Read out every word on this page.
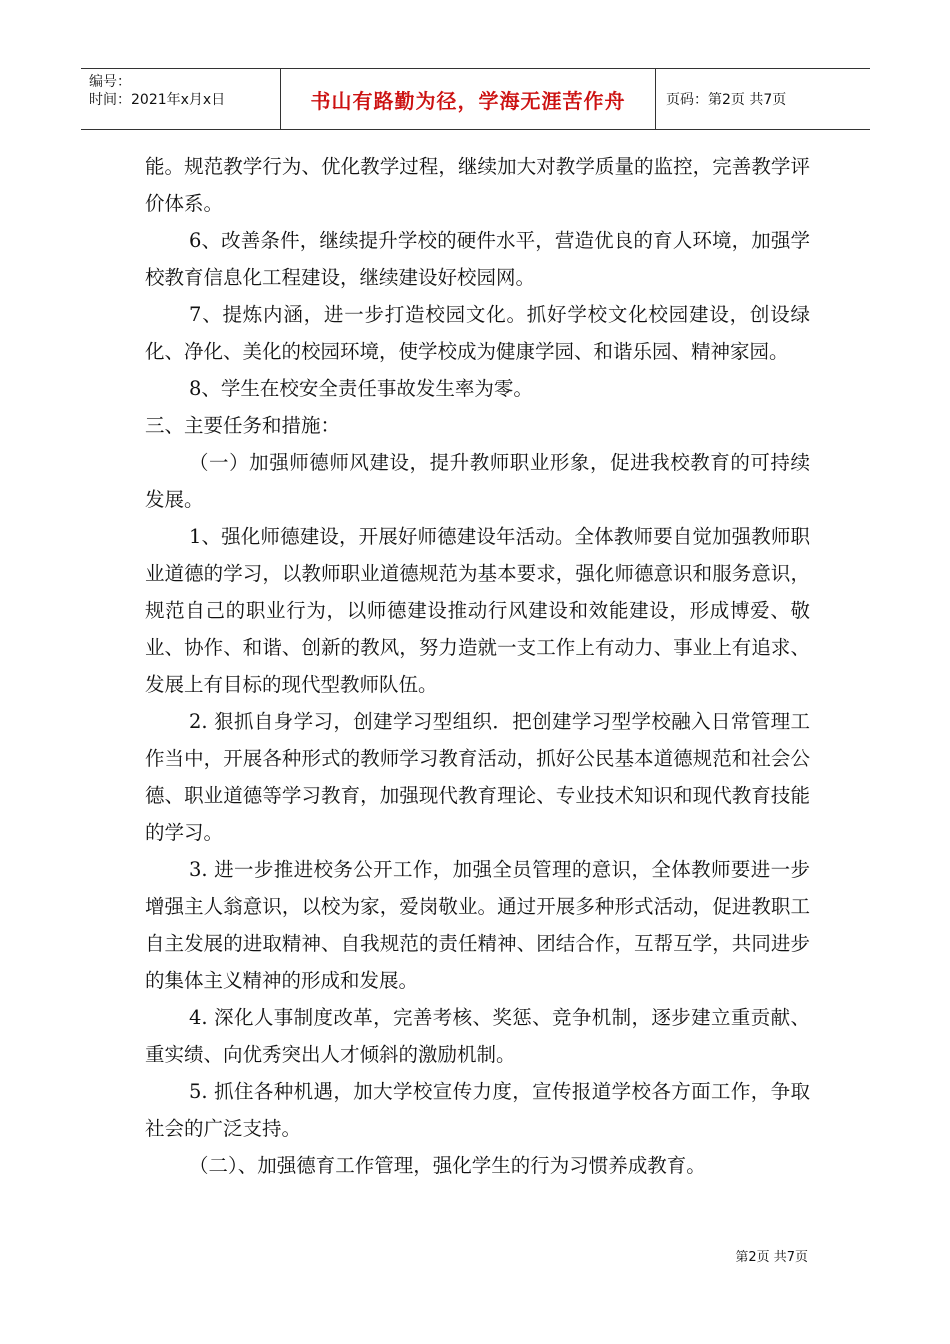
编号：
时间：2021年x月x日	书山有路勤为径，学海无涯苦作舟	页码：第2页 共7页

能。规范教学行为、优化教学过程，继续加大对教学质量的监控，完善教学评价体系。

6、改善条件，继续提升学校的硬件水平，营造优良的育人环境，加强学校教育信息化工程建设，继续建设好校园网。

7、提炼内涵，进一步打造校园文化。抓好学校文化校园建设，创设绿化、净化、美化的校园环境，使学校成为健康学园、和谐乐园、精神家园。

8、学生在校安全责任事故发生率为零。

三、主要任务和措施：

（一）加强师德师风建设，提升教师职业形象，促进我校教育的可持续发展。

1、强化师德建设，开展好师德建设年活动。全体教师要自觉加强教师职业道德的学习，以教师职业道德规范为基本要求，强化师德意识和服务意识，规范自己的职业行为，以师德建设推动行风建设和效能建设，形成博爱、敬业、协作、和谐、创新的教风，努力造就一支工作上有动力、事业上有追求、发展上有目标的现代型教师队伍。

2. 狠抓自身学习，创建学习型组织．把创建学习型学校融入日常管理工作当中，开展各种形式的教师学习教育活动，抓好公民基本道德规范和社会公德、职业道德等学习教育，加强现代教育理论、专业技术知识和现代教育技能的学习。

3. 进一步推进校务公开工作，加强全员管理的意识，全体教师要进一步增强主人翁意识，以校为家，爱岗敬业。通过开展多种形式活动，促进教职工自主发展的进取精神、自我规范的责任精神、团结合作，互帮互学，共同进步的集体主义精神的形成和发展。

4. 深化人事制度改革，完善考核、奖惩、竞争机制，逐步建立重贡献、重实绩、向优秀突出人才倾斜的激励机制。

5. 抓住各种机遇，加大学校宣传力度，宣传报道学校各方面工作，争取社会的广泛支持。

（二）、加强德育工作管理，强化学生的行为习惯养成教育。

第2页 共7页
